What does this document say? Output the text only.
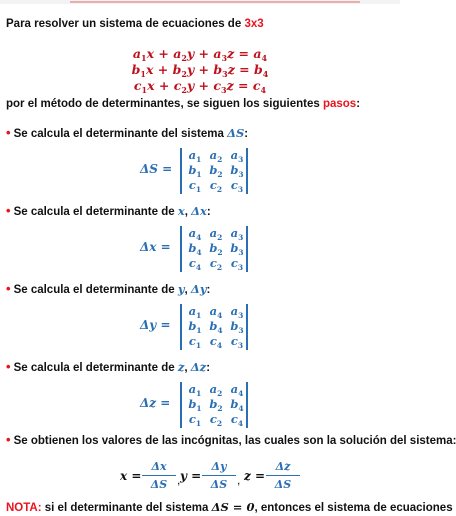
Para resolver un sistema de ecuaciones de 3x3
$a_1x + a_2y + a_3z = a_4$
$b_1x + b_2y + b_3z = b_4$
$c_1x + c_2y + c_3z = c_4$
por el método de determinantes, se siguen los siguientes pasos:
• Se calcula el determinante del sistema ΔS:
ΔS =
$a_1$ $a_2$ $a_3$
$b_1$ $b_2$ $b_3$
$c_1$ $c_2$ $c_3$
• Se calcula el determinante de x, Δx:
Δx =
$a_4$ $a_2$ $a_3$
$b_4$ $b_2$ $b_3$
$c_4$ $c_2$ $c_3$
• Se calcula el determinante de y, Δy:
Δy =
$a_1$ $a_4$ $a_3$
$b_1$ $b_4$ $b_3$
$c_1$ $c_4$ $c_3$
• Se calcula el determinante de z, Δz:
Δz =
$a_1$ $a_2$ $a_4$
$b_1$ $b_2$ $b_4$
$c_1$ $c_2$ $c_4$
• Se obtienen los valores de las incógnitas, las cuales son la solución del sistema:
x =
Δx
ΔS , y =
Δy
ΔS , z =
Δz
ΔS
NOTA: si el determinante del sistema ΔS = 0, entonces el sistema de ecuaciones
